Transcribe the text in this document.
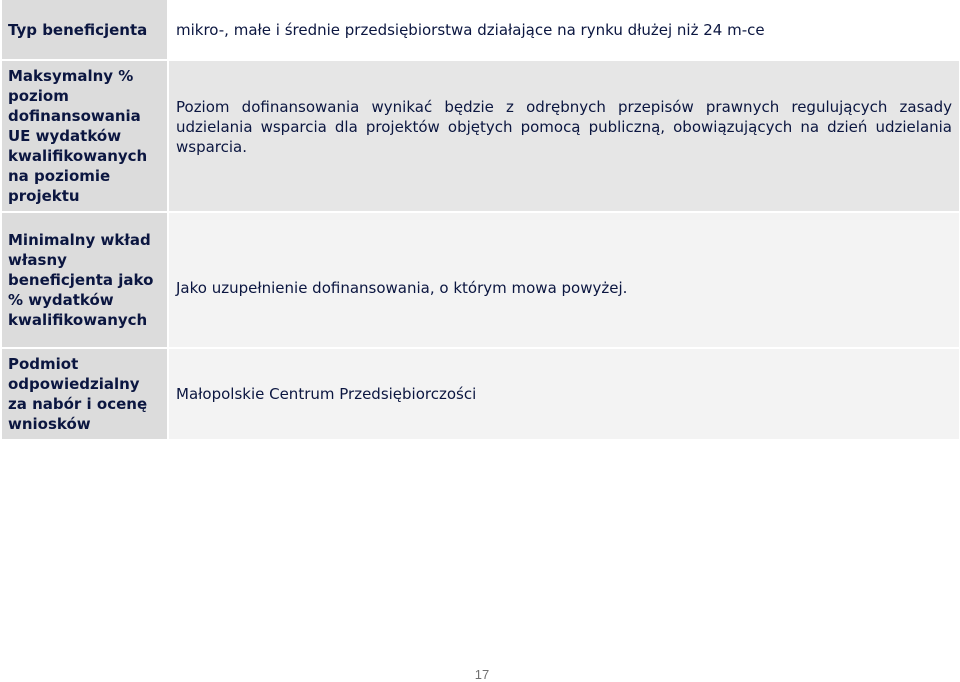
Typ beneficjenta	mikro-, małe i średnie przedsiębiorstwa działające na rynku dłużej niż 24 m-ce
Maksymalny % poziom dofinansowania UE wydatków kwalifikowanych na poziomie projektu	Poziom dofinansowania wynikać będzie z odrębnych przepisów prawnych regulujących zasady udzielania wsparcia dla projektów objętych pomocą publiczną, obowiązujących na dzień udzielania wsparcia.
Minimalny wkład własny beneficjenta jako % wydatków kwalifikowanych	Jako uzupełnienie dofinansowania, o którym mowa powyżej.
Podmiot odpowiedzialny za nabór i ocenę wniosków	Małopolskie Centrum Przedsiębiorczości
17
